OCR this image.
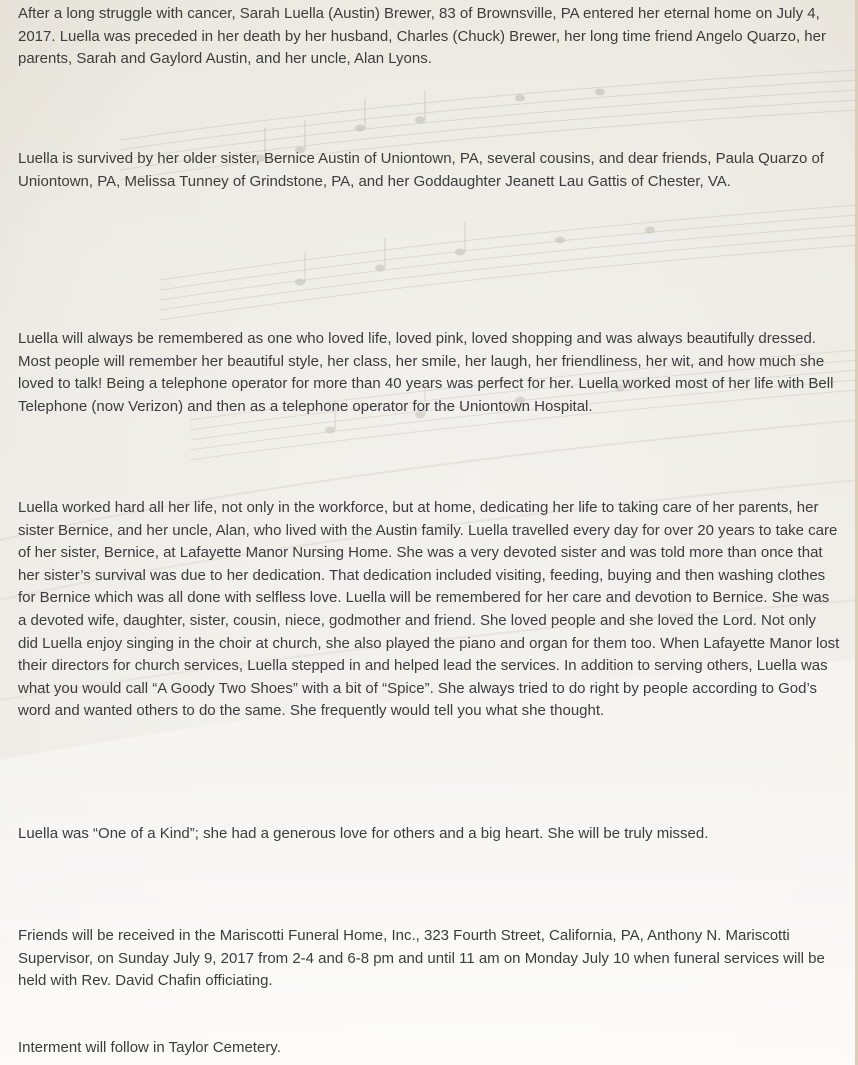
After a long struggle with cancer, Sarah Luella (Austin) Brewer, 83 of Brownsville, PA entered her eternal home on July 4, 2017. Luella was preceded in her death by her husband, Charles (Chuck) Brewer, her long time friend Angelo Quarzo, her parents, Sarah and Gaylord Austin, and her uncle, Alan Lyons.

Luella is survived by her older sister, Bernice Austin of Uniontown, PA, several cousins, and dear friends, Paula Quarzo of Uniontown, PA, Melissa Tunney of Grindstone, PA, and her Goddaughter Jeanett Lau Gattis of Chester, VA.

Luella will always be remembered as one who loved life, loved pink, loved shopping and was always beautifully dressed. Most people will remember her beautiful style, her class, her smile, her laugh, her friendliness, her wit, and how much she loved to talk! Being a telephone operator for more than 40 years was perfect for her. Luella worked most of her life with Bell Telephone (now Verizon) and then as a telephone operator for the Uniontown Hospital.

Luella worked hard all her life, not only in the workforce, but at home, dedicating her life to taking care of her parents, her sister Bernice, and her uncle, Alan, who lived with the Austin family. Luella travelled every day for over 20 years to take care of her sister, Bernice, at Lafayette Manor Nursing Home. She was a very devoted sister and was told more than once that her sister’s survival was due to her dedication. That dedication included visiting, feeding, buying and then washing clothes for Bernice which was all done with selfless love. Luella will be remembered for her care and devotion to Bernice. She was a devoted wife, daughter, sister, cousin, niece, godmother and friend. She loved people and she loved the Lord. Not only did Luella enjoy singing in the choir at church, she also played the piano and organ for them too. When Lafayette Manor lost their directors for church services, Luella stepped in and helped lead the services. In addition to serving others, Luella was what you would call “A Goody Two Shoes” with a bit of “Spice”. She always tried to do right by people according to God’s word and wanted others to do the same. She frequently would tell you what she thought.

Luella was “One of a Kind”; she had a generous love for others and a big heart. She will be truly missed.

Friends will be received in the Mariscotti Funeral Home, Inc., 323 Fourth Street, California, PA, Anthony N. Mariscotti Supervisor, on Sunday July 9, 2017 from 2-4 and 6-8 pm and until 11 am on Monday July 10 when funeral services will be held with Rev. David Chafin officiating.

Interment will follow in Taylor Cemetery.
